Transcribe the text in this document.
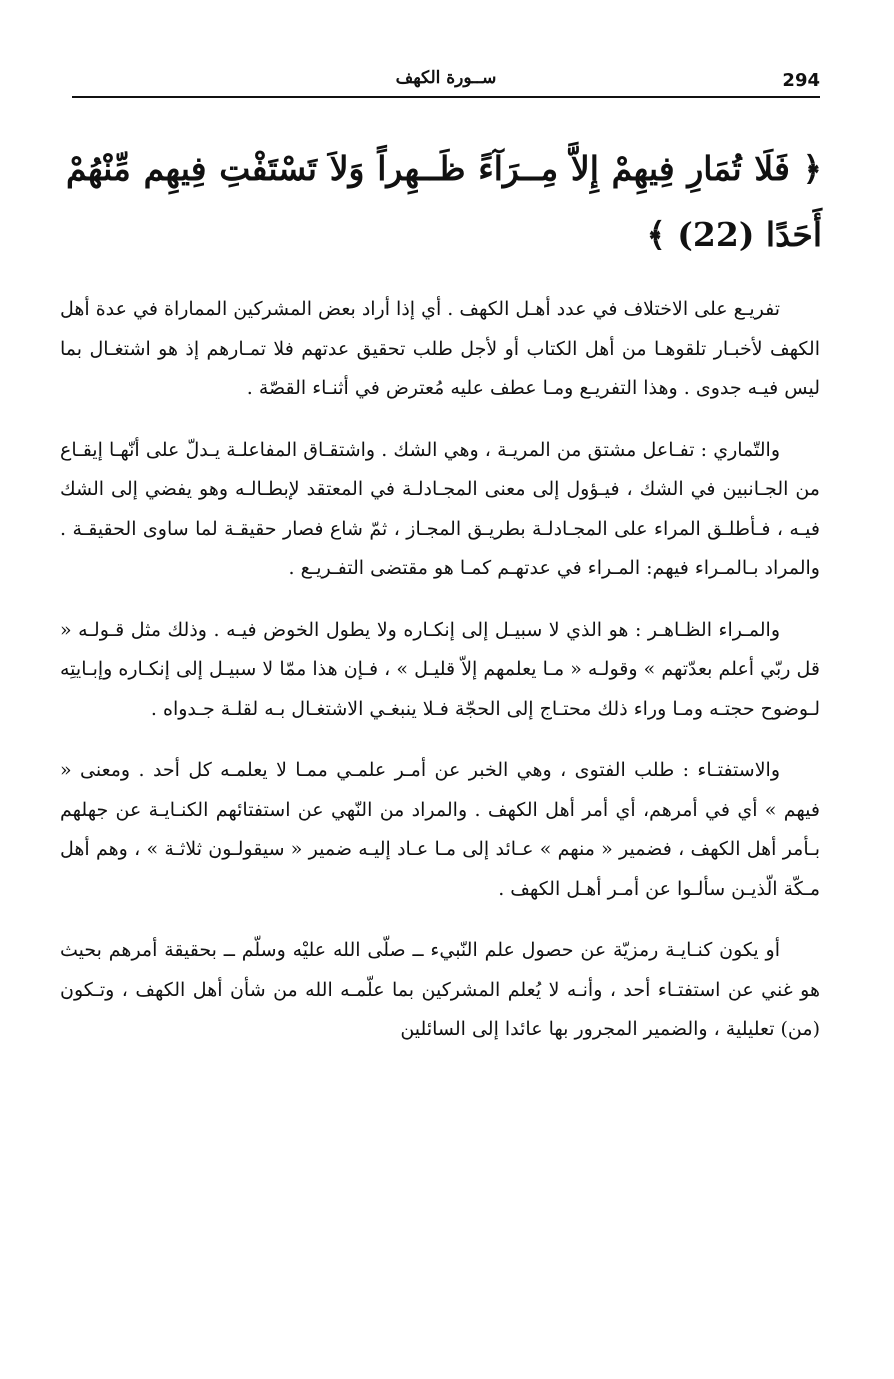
294
ســورة الكهف
﴿ فَلَا تُمَارِ فِيهِمْ إِلاَّ مِــرَآءً ظَــهِراً وَلاَ تَسْتَفْتِ فِيهِم مِّنْهُمْ أَحَدًا (22) ﴾

تفريـع على الاختلاف في عدد أهـل الكهف . أي إذا أراد بعض المشركين المماراة في عدة أهل الكهف لأخبـار تلقوهـا من أهل الكتاب أو لأجل طلب تحقيق عدتهم فلا تمـارهم إذ هو اشتغـال بما ليس فيـه جدوى . وهذا التفريـع ومـا عطف عليه مُعترض في أثنـاء القصّة .

والتّماري : تفـاعل مشتق من المريـة ، وهي الشك . واشتقـاق المفاعلـة يـدلّ على أنّهـا إيقـاع من الجـانبين في الشك ، فيـؤول إلى معنى المجـادلـة في المعتقد لإبطـالـه وهو يفضي إلى الشك فيـه ، فـأطلـق المراء على المجـادلـة بطريـق المجـاز ، ثمّ شاع فصار حقيقـة لما ساوى الحقيقـة . والمراد بـالمـراء فيهم: المـراء في عدتهـم كمـا هو مقتضى التفـريـع .

والمـراء الظـاهـر : هو الذي لا سبيـل إلى إنكـاره ولا يطول الخوض فيـه . وذلك مثل قـولـه « قل ربّي أعلم بعدّتهم » وقولـه « مـا يعلمهم إلاّ قليـل » ، فـإن هذا ممّا لا سبيـل إلى إنكـاره وإبـايتِه لـوضوح حجتـه ومـا وراء ذلك محتـاج إلى الحجّة فـلا ينبغـي الاشتغـال بـه لقلـة جـدواه .

والاستفتـاء : طلب الفتوى ، وهي الخبر عن أمـر علمـي ممـا لا يعلمـه كل أحد . ومعنى « فيهم » أي في أمرهم، أي أمر أهل الكهف . والمراد من النّهي عن استفتائهم الكنـايـة عن جهلهم بـأمر أهل الكهف ، فضمير « منهم » عـائد إلى مـا عـاد إليـه ضمير « سيقولـون ثلاثـة » ، وهم أهل مـكّة الّذيـن سألـوا عن أمـر أهـل الكهف .

أو يكون كنـايـة رمزيّة عن حصول علم النّبيء ــ صلّى الله عليْه وسلّم ــ بحقيقة أمرهم بحيث هو غني عن استفتـاء أحد ، وأنـه لا يُعلم المشركين بما علّمـه الله من شأن أهل الكهف ، وتـكون (من) تعليلية ، والضمير المجرور بها عائدا إلى السائلين
